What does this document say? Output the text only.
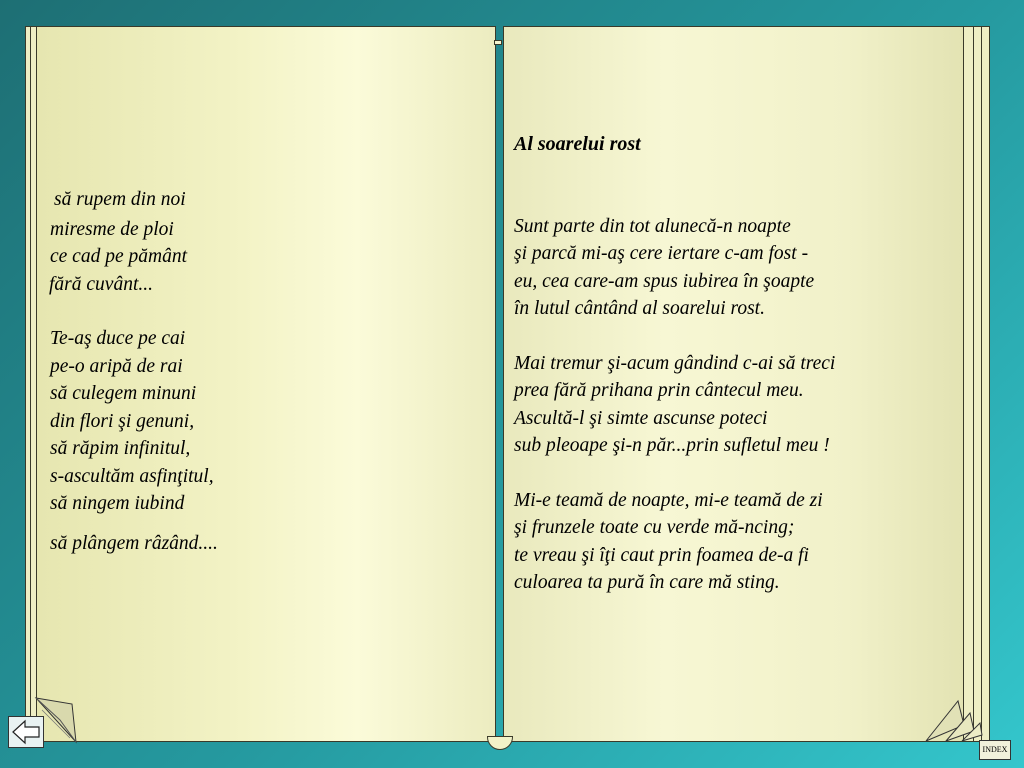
să rupem din noi
miresme de ploi
ce cad pe pământ
fără cuvânt...
Te-aş duce pe cai
pe-o aripă de rai
să culegem minuni
din flori şi genuni,
să răpim infinitul,
s-ascultăm asfinţitul,
să ningem iubind
să plângem râzând....
Al soarelui rost
Sunt parte din tot alunecă-n noapte
şi parcă mi-aş cere iertare c-am fost -
eu, cea care-am spus iubirea în şoapte
în lutul cântând al soarelui rost.
Mai tremur şi-acum gândind c-ai să treci
prea fără prihana prin cântecul meu.
Ascultă-l şi simte ascunse poteci
sub pleoape şi-n păr...prin sufletul meu !
Mi-e teamă de noapte, mi-e teamă de zi
şi frunzele toate cu verde mă-ncing;
te vreau şi îţi caut prin foamea de-a fi
culoarea ta pură în care mă sting.
INDEX
